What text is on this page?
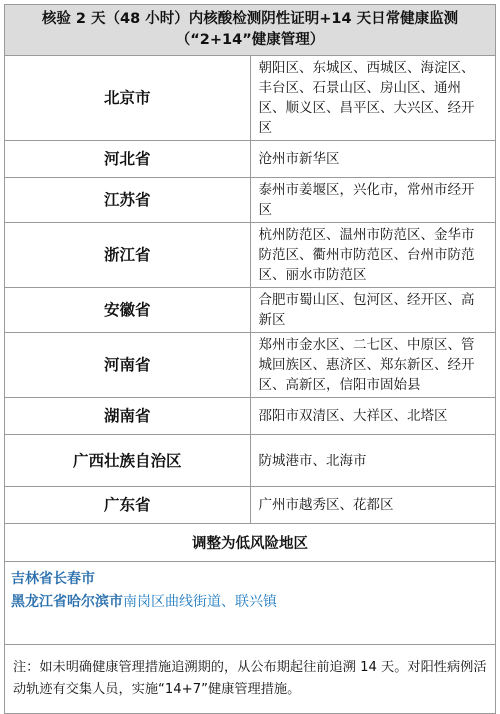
核验 2 天（48 小时）内核酸检测阴性证明+14 天日常健康监测
（“2+14”健康管理）	

北京市	朝阳区、东城区、西城区、海淀区、丰台区、石景山区、房山区、通州区、顺义区、昌平区、大兴区、经开区
河北省	沧州市新华区
江苏省	泰州市姜堰区，兴化市，常州市经开区
浙江省	杭州防范区、温州市防范区、金华市防范区、衢州市防范区、台州市防范区、丽水市防范区
安徽省	合肥市蜀山区、包河区、经开区、高新区
河南省	郑州市金水区、二七区、中原区、管城回族区、惠济区、郑东新区、经开区、高新区，信阳市固始县
湖南省	邵阳市双清区、大祥区、北塔区
广西壮族自治区	防城港市、北海市
广东省	广州市越秀区、花都区
调整为低风险地区	

吉林省长春市
黑龙江省哈尔滨市南岗区曲线街道、联兴镇	

注：如未明确健康管理措施追溯期的，从公布期起往前追溯 14 天。对阳性病例活动轨迹有交集人员，实施“14+7”健康管理措施。	
